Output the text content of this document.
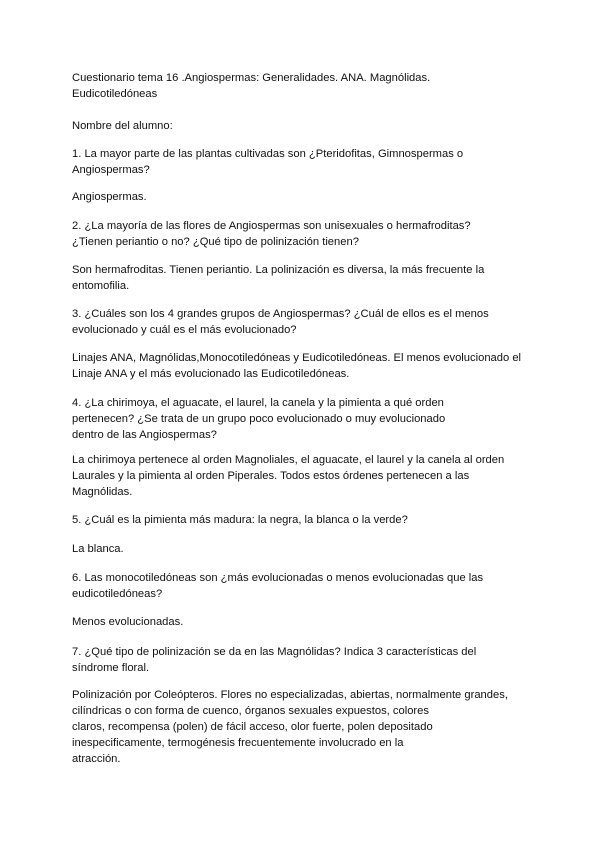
Cuestionario tema 16 .Angiospermas: Generalidades. ANA. Magnólidas.
Eudicotiledóneas
Nombre del alumno:
1. La mayor parte de las plantas cultivadas son ¿Pteridofitas, Gimnospermas o
Angiospermas?
Angiospermas.
2. ¿La mayoría de las flores de Angiospermas son unisexuales o hermafroditas?
¿Tienen periantio o no? ¿Qué tipo de polinización tienen?
Son hermafroditas. Tienen periantio. La polinización es diversa, la más frecuente la
entomofilia.
3. ¿Cuáles son los 4 grandes grupos de Angiospermas? ¿Cuál de ellos es el menos
evolucionado y cuál es el más evolucionado?
Linajes ANA, Magnólidas,Monocotiledóneas y Eudicotiledóneas. El menos evolucionado el
Linaje ANA y el más evolucionado las Eudicotiledóneas.
4. ¿La chirimoya, el aguacate, el laurel, la canela y la pimienta a qué orden
pertenecen? ¿Se trata de un grupo poco evolucionado o muy evolucionado
dentro de las Angiospermas?
La chirimoya pertenece al orden Magnoliales, el aguacate, el laurel y la canela al orden
Laurales y la pimienta al orden Piperales. Todos estos órdenes pertenecen a las
Magnólidas.
5. ¿Cuál es la pimienta más madura: la negra, la blanca o la verde?
La blanca.
6. Las monocotiledóneas son ¿más evolucionadas o menos evolucionadas que las
eudicotiledóneas?
Menos evolucionadas.
7. ¿Qué tipo de polinización se da en las Magnólidas? Indica 3 características del
síndrome floral.
Polinización por Coleópteros. Flores no especializadas, abiertas, normalmente grandes,
cilíndricas o con forma de cuenco, órganos sexuales expuestos, colores
claros, recompensa (polen) de fácil acceso, olor fuerte, polen depositado
inespecificamente, termogénesis frecuentemente involucrado en la
atracción.
